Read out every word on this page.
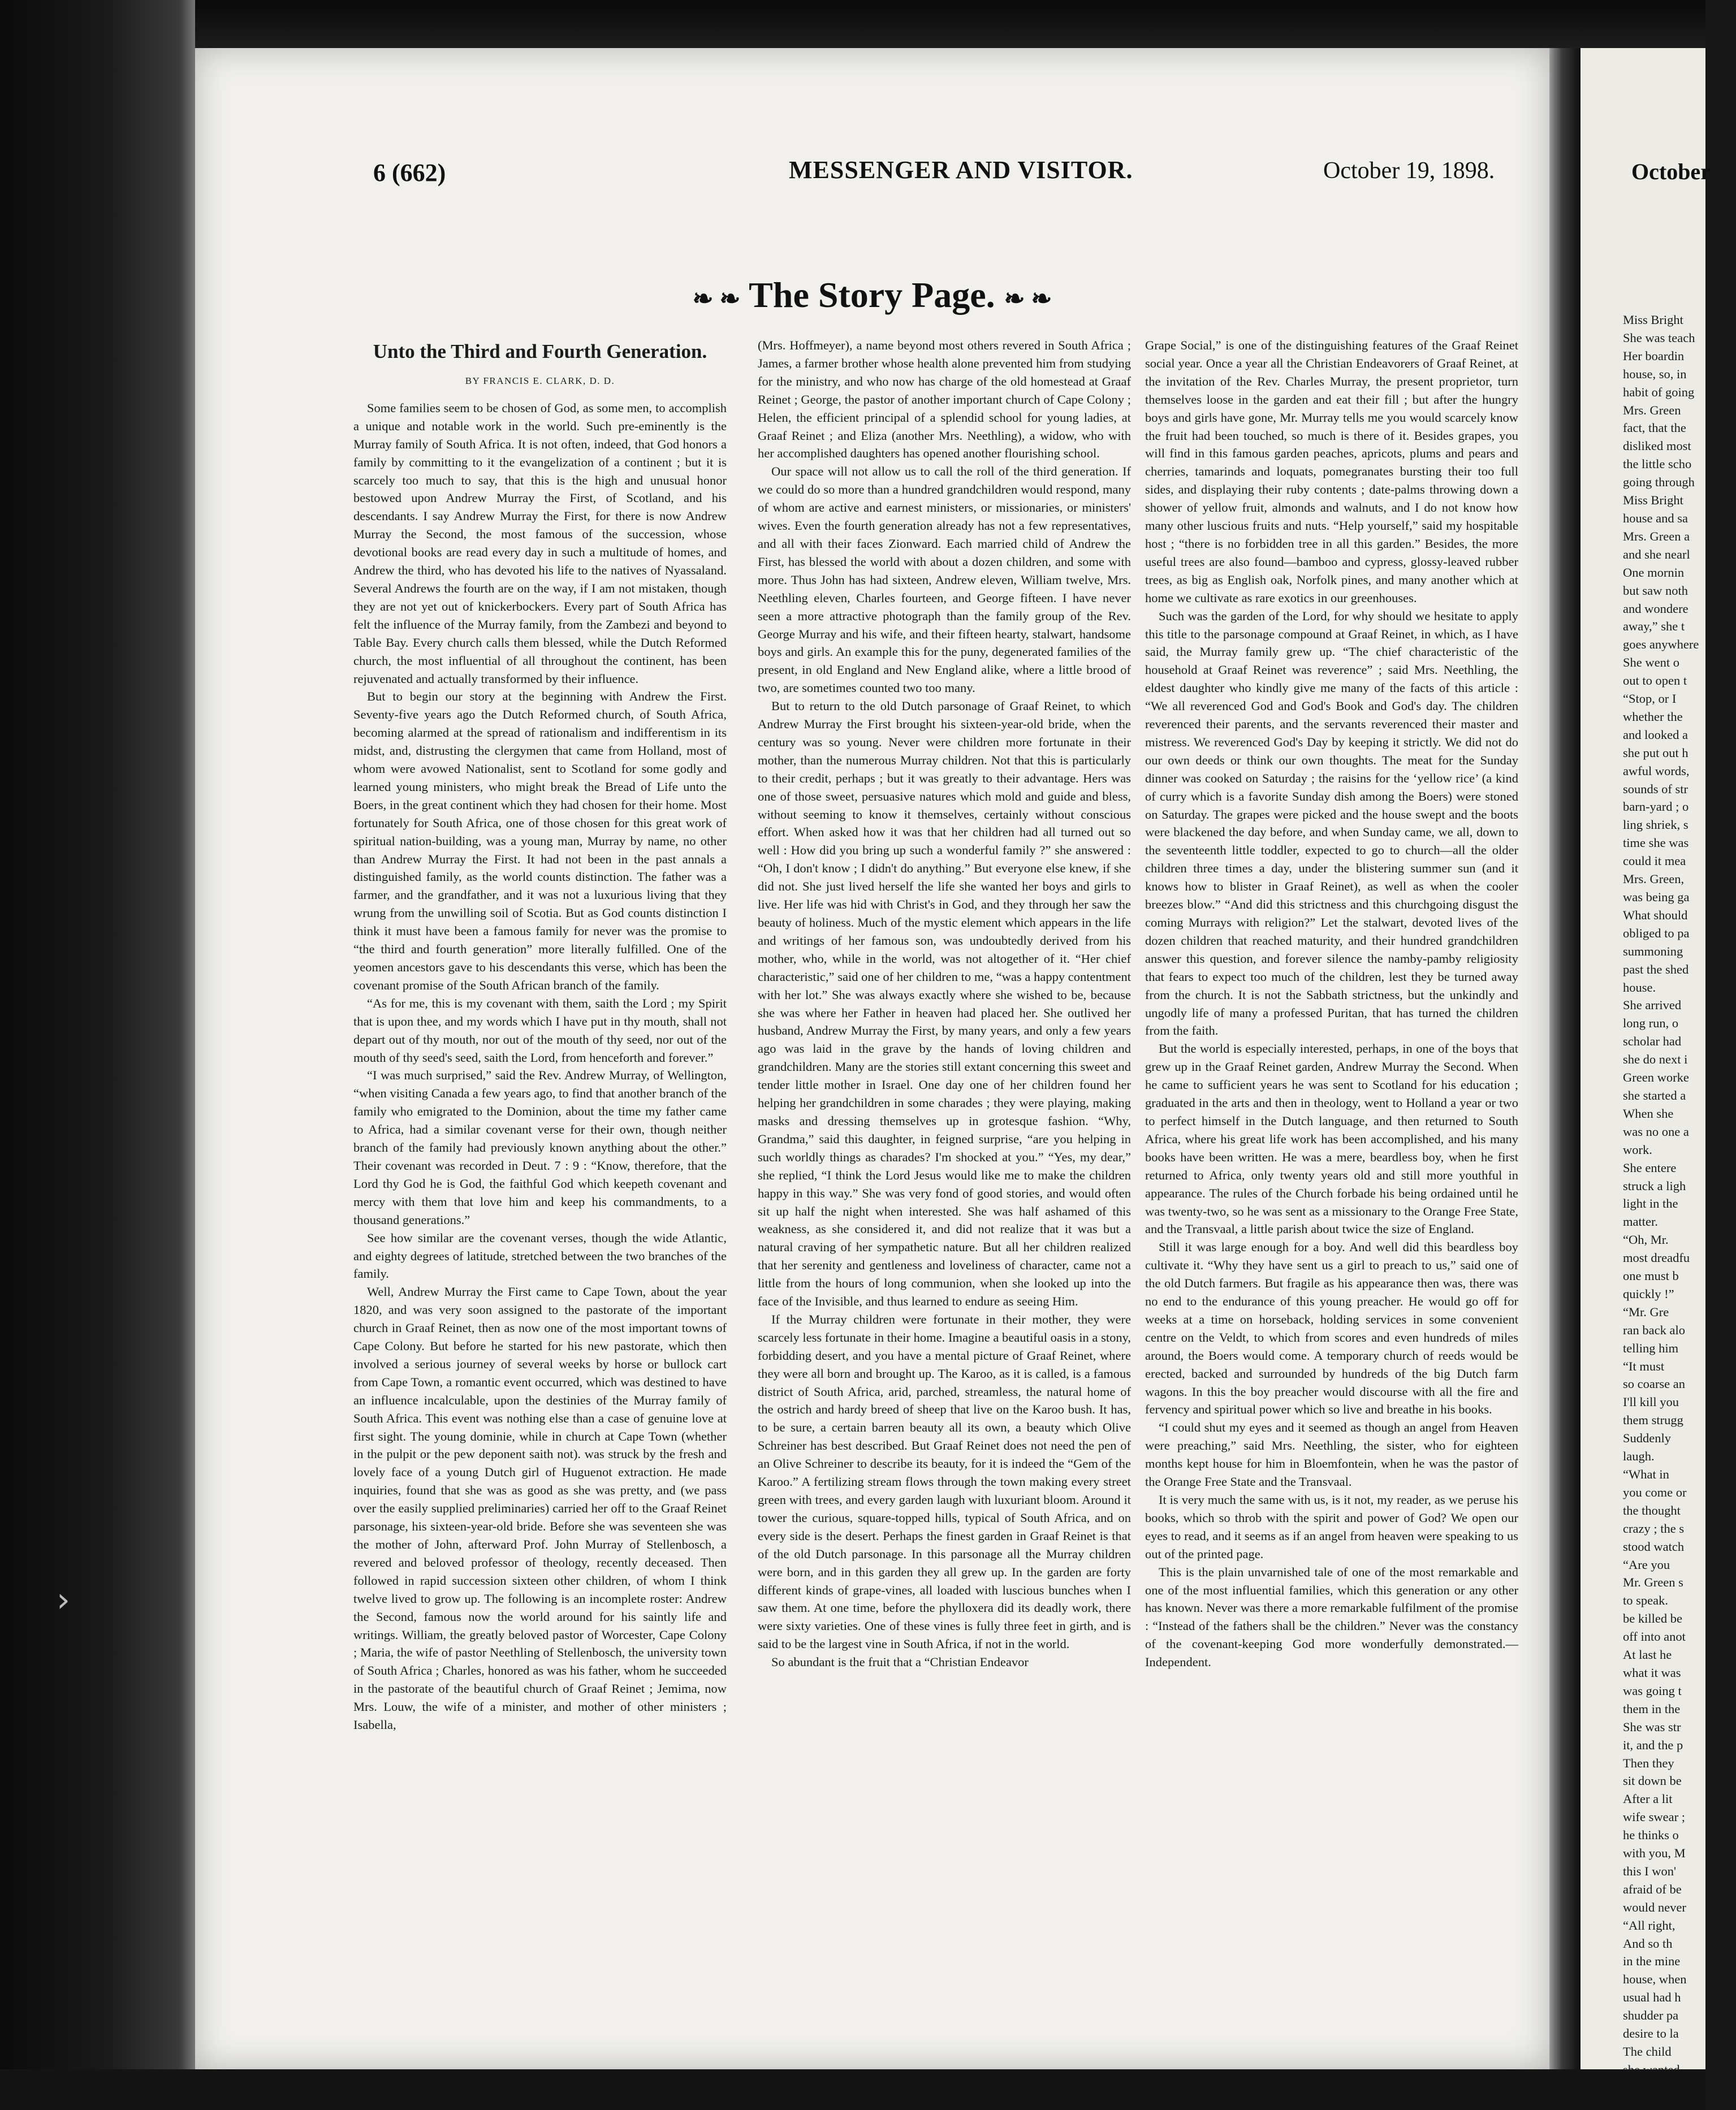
›
6 (662)	MESSENGER AND VISITOR.	October 19, 1898.
❧ ❧ The Story Page. ❧ ❧
Unto the Third and Fourth Generation.
BY FRANCIS E. CLARK, D. D.

Some families seem to be chosen of God, as some men, to accomplish a unique and notable work in the world. Such pre-eminently is the Murray family of South Africa. It is not often, indeed, that God honors a family by committing to it the evangelization of a continent ; but it is scarcely too much to say, that this is the high and unusual honor bestowed upon Andrew Murray the First, of Scotland, and his descendants. I say Andrew Murray the First, for there is now Andrew Murray the Second, the most famous of the succession, whose devotional books are read every day in such a multitude of homes, and Andrew the third, who has devoted his life to the natives of Nyassaland. Several Andrews the fourth are on the way, if I am not mistaken, though they are not yet out of knickerbockers. Every part of South Africa has felt the influence of the Murray family, from the Zambezi and beyond to Table Bay. Every church calls them blessed, while the Dutch Reformed church, the most influential of all throughout the continent, has been rejuvenated and actually transformed by their influence.

But to begin our story at the beginning with Andrew the First. Seventy-five years ago the Dutch Reformed church, of South Africa, becoming alarmed at the spread of rationalism and indifferentism in its midst, and, distrusting the clergymen that came from Holland, most of whom were avowed Nationalist, sent to Scotland for some godly and learned young ministers, who might break the Bread of Life unto the Boers, in the great continent which they had chosen for their home. Most fortunately for South Africa, one of those chosen for this great work of spiritual nation-building, was a young man, Murray by name, no other than Andrew Murray the First. It had not been in the past annals a distinguished family, as the world counts distinction. The father was a farmer, and the grandfather, and it was not a luxurious living that they wrung from the unwilling soil of Scotia. But as God counts distinction I think it must have been a famous family for never was the promise to “the third and fourth generation” more literally fulfilled. One of the yeomen ancestors gave to his descendants this verse, which has been the covenant promise of the South African branch of the family.

“As for me, this is my covenant with them, saith the Lord ; my Spirit that is upon thee, and my words which I have put in thy mouth, shall not depart out of thy mouth, nor out of the mouth of thy seed, nor out of the mouth of thy seed's seed, saith the Lord, from henceforth and forever.”

“I was much surprised,” said the Rev. Andrew Murray, of Wellington, “when visiting Canada a few years ago, to find that another branch of the family who emigrated to the Dominion, about the time my father came to Africa, had a similar covenant verse for their own, though neither branch of the family had previously known anything about the other.” Their covenant was recorded in Deut. 7 : 9 : “Know, therefore, that the Lord thy God he is God, the faithful God which keepeth covenant and mercy with them that love him and keep his commandments, to a thousand generations.”

See how similar are the covenant verses, though the wide Atlantic, and eighty degrees of latitude, stretched between the two branches of the family.

Well, Andrew Murray the First came to Cape Town, about the year 1820, and was very soon assigned to the pastorate of the important church in Graaf Reinet, then as now one of the most important towns of Cape Colony. But before he started for his new pastorate, which then involved a serious journey of several weeks by horse or bullock cart from Cape Town, a romantic event occurred, which was destined to have an influence incalculable, upon the destinies of the Murray family of South Africa. This event was nothing else than a case of genuine love at first sight. The young dominie, while in church at Cape Town (whether in the pulpit or the pew deponent saith not). was struck by the fresh and lovely face of a young Dutch girl of Huguenot extraction. He made inquiries, found that she was as good as she was pretty, and (we pass over the easily supplied preliminaries) carried her off to the Graaf Reinet parsonage, his sixteen-year-old bride. Before she was seventeen she was the mother of John, afterward Prof. John Murray of Stellenbosch, a revered and beloved professor of theology, recently deceased. Then followed in rapid succession sixteen other children, of whom I think twelve lived to grow up. The following is an incomplete roster: Andrew the Second, famous now the world around for his saintly life and writings. William, the greatly beloved pastor of Worcester, Cape Colony ; Maria, the wife of pastor Neethling of Stellenbosch, the university town of South Africa ; Charles, honored as was his father, whom he succeeded in the pastorate of the beautiful church of Graaf Reinet ; Jemima, now Mrs. Louw, the wife of a minister, and mother of other ministers ; Isabella,

(Mrs. Hoffmeyer), a name beyond most others revered in South Africa ; James, a farmer brother whose health alone prevented him from studying for the ministry, and who now has charge of the old homestead at Graaf Reinet ; George, the pastor of another important church of Cape Colony ; Helen, the efficient principal of a splendid school for young ladies, at Graaf Reinet ; and Eliza (another Mrs. Neethling), a widow, who with her accomplished daughters has opened another flourishing school.

Our space will not allow us to call the roll of the third generation. If we could do so more than a hundred grandchildren would respond, many of whom are active and earnest ministers, or missionaries, or ministers' wives. Even the fourth generation already has not a few representatives, and all with their faces Zionward. Each married child of Andrew the First, has blessed the world with about a dozen children, and some with more. Thus John has had sixteen, Andrew eleven, William twelve, Mrs. Neethling eleven, Charles fourteen, and George fifteen. I have never seen a more attractive photograph than the family group of the Rev. George Murray and his wife, and their fifteen hearty, stalwart, handsome boys and girls. An example this for the puny, degenerated families of the present, in old England and New England alike, where a little brood of two, are sometimes counted two too many.

But to return to the old Dutch parsonage of Graaf Reinet, to which Andrew Murray the First brought his sixteen-year-old bride, when the century was so young. Never were children more fortunate in their mother, than the numerous Murray children. Not that this is particularly to their credit, perhaps ; but it was greatly to their advantage. Hers was one of those sweet, persuasive natures which mold and guide and bless, without seeming to know it themselves, certainly without conscious effort. When asked how it was that her children had all turned out so well : How did you bring up such a wonderful family ?” she answered : “Oh, I don't know ; I didn't do anything.” But everyone else knew, if she did not. She just lived herself the life she wanted her boys and girls to live. Her life was hid with Christ's in God, and they through her saw the beauty of holiness. Much of the mystic element which appears in the life and writings of her famous son, was undoubtedly derived from his mother, who, while in the world, was not altogether of it. “Her chief characteristic,” said one of her children to me, “was a happy contentment with her lot.” She was always exactly where she wished to be, because she was where her Father in heaven had placed her. She outlived her husband, Andrew Murray the First, by many years, and only a few years ago was laid in the grave by the hands of loving children and grandchildren. Many are the stories still extant concerning this sweet and tender little mother in Israel. One day one of her children found her helping her grandchildren in some charades ; they were playing, making masks and dressing themselves up in grotesque fashion. “Why, Grandma,” said this daughter, in feigned surprise, “are you helping in such worldly things as charades? I'm shocked at you.” “Yes, my dear,” she replied, “I think the Lord Jesus would like me to make the children happy in this way.” She was very fond of good stories, and would often sit up half the night when interested. She was half ashamed of this weakness, as she considered it, and did not realize that it was but a natural craving of her sympathetic nature. But all her children realized that her serenity and gentleness and loveliness of character, came not a little from the hours of long communion, when she looked up into the face of the Invisible, and thus learned to endure as seeing Him.

If the Murray children were fortunate in their mother, they were scarcely less fortunate in their home. Imagine a beautiful oasis in a stony, forbidding desert, and you have a mental picture of Graaf Reinet, where they were all born and brought up. The Karoo, as it is called, is a famous district of South Africa, arid, parched, streamless, the natural home of the ostrich and hardy breed of sheep that live on the Karoo bush. It has, to be sure, a certain barren beauty all its own, a beauty which Olive Schreiner has best described. But Graaf Reinet does not need the pen of an Olive Schreiner to describe its beauty, for it is indeed the “Gem of the Karoo.” A fertilizing stream flows through the town making every street green with trees, and every garden laugh with luxuriant bloom. Around it tower the curious, square-topped hills, typical of South Africa, and on every side is the desert. Perhaps the finest garden in Graaf Reinet is that of the old Dutch parsonage. In this parsonage all the Murray children were born, and in this garden they all grew up. In the garden are forty different kinds of grape-vines, all loaded with luscious bunches when I saw them. At one time, before the phylloxera did its deadly work, there were sixty varieties. One of these vines is fully three feet in girth, and is said to be the largest vine in South Africa, if not in the world.

So abundant is the fruit that a “Christian Endeavor

Grape Social,” is one of the distinguishing features of the Graaf Reinet social year. Once a year all the Christian Endeavorers of Graaf Reinet, at the invitation of the Rev. Charles Murray, the present proprietor, turn themselves loose in the garden and eat their fill ; but after the hungry boys and girls have gone, Mr. Murray tells me you would scarcely know the fruit had been touched, so much is there of it. Besides grapes, you will find in this famous garden peaches, apricots, plums and pears and cherries, tamarinds and loquats, pomegranates bursting their too full sides, and displaying their ruby contents ; date-palms throwing down a shower of yellow fruit, almonds and walnuts, and I do not know how many other luscious fruits and nuts. “Help yourself,” said my hospitable host ; “there is no forbidden tree in all this garden.” Besides, the more useful trees are also found—bamboo and cypress, glossy-leaved rubber trees, as big as English oak, Norfolk pines, and many another which at home we cultivate as rare exotics in our greenhouses.

Such was the garden of the Lord, for why should we hesitate to apply this title to the parsonage compound at Graaf Reinet, in which, as I have said, the Murray family grew up. “The chief characteristic of the household at Graaf Reinet was reverence” ; said Mrs. Neethling, the eldest daughter who kindly give me many of the facts of this article : “We all reverenced God and God's Book and God's day. The children reverenced their parents, and the servants reverenced their master and mistress. We reverenced God's Day by keeping it strictly. We did not do our own deeds or think our own thoughts. The meat for the Sunday dinner was cooked on Saturday ; the raisins for the ‘yellow rice’ (a kind of curry which is a favorite Sunday dish among the Boers) were stoned on Saturday. The grapes were picked and the house swept and the boots were blackened the day before, and when Sunday came, we all, down to the seventeenth little toddler, expected to go to church—all the older children three times a day, under the blistering summer sun (and it knows how to blister in Graaf Reinet), as well as when the cooler breezes blow.” “And did this strictness and this churchgoing disgust the coming Murrays with religion?” Let the stalwart, devoted lives of the dozen children that reached maturity, and their hundred grandchildren answer this question, and forever silence the namby-pamby religiosity that fears to expect too much of the children, lest they be turned away from the church. It is not the Sabbath strictness, but the unkindly and ungodly life of many a professed Puritan, that has turned the children from the faith.

But the world is especially interested, perhaps, in one of the boys that grew up in the Graaf Reinet garden, Andrew Murray the Second. When he came to sufficient years he was sent to Scotland for his education ; graduated in the arts and then in theology, went to Holland a year or two to perfect himself in the Dutch language, and then returned to South Africa, where his great life work has been accomplished, and his many books have been written. He was a mere, beardless boy, when he first returned to Africa, only twenty years old and still more youthful in appearance. The rules of the Church forbade his being ordained until he was twenty-two, so he was sent as a missionary to the Orange Free State, and the Transvaal, a little parish about twice the size of England.

Still it was large enough for a boy. And well did this beardless boy cultivate it. “Why they have sent us a girl to preach to us,” said one of the old Dutch farmers. But fragile as his appearance then was, there was no end to the endurance of this young preacher. He would go off for weeks at a time on horseback, holding services in some convenient centre on the Veldt, to which from scores and even hundreds of miles around, the Boers would come. A temporary church of reeds would be erected, backed and surrounded by hundreds of the big Dutch farm wagons. In this the boy preacher would discourse with all the fire and fervency and spiritual power which so live and breathe in his books.

“I could shut my eyes and it seemed as though an angel from Heaven were preaching,” said Mrs. Neethling, the sister, who for eighteen months kept house for him in Bloemfontein, when he was the pastor of the Orange Free State and the Transvaal.

It is very much the same with us, is it not, my reader, as we peruse his books, which so throb with the spirit and power of God? We open our eyes to read, and it seems as if an angel from heaven were speaking to us out of the printed page.

This is the plain unvarnished tale of one of the most remarkable and one of the most influential families, which this generation or any other has known. Never was there a more remarkable fulfilment of the promise : “Instead of the fathers shall be the children.” Never was the constancy of the covenant-keeping God more wonderfully demonstrated.—Independent.

October

Miss Bright

She was teach

Her boardin

house, so, in

habit of going

Mrs. Green

fact, that the

disliked most

the little scho

going through

Miss Bright

house and sa

Mrs. Green a

and she nearl

One mornin

but saw noth

and wondere

away,” she t

goes anywhere

She went o

out to open t

“Stop, or I

whether the

and looked a

she put out h

awful words,

sounds of str

barn-yard ; o

ling shriek, s

time she was

could it mea

Mrs. Green,

was being ga

What should

obliged to pa

summoning

past the shed

house.

She arrived

long run, o

scholar had

she do next i

Green worke

she started a

When she

was no one a

work.

She entere

struck a ligh

light in the

matter.

“Oh, Mr.

most dreadfu

one must b

quickly !”

“Mr. Gre

ran back alo

telling him

“It must

so coarse an

I'll kill you

them strugg

Suddenly

laugh.

“What in

you come or

the thought

crazy ; the s

stood watch

“Are you

Mr. Green s

to speak.

be killed be

off into anot

At last he

what it was

was going t

them in the

She was str

it, and the p

Then they

sit down be

After a lit

wife swear ;

he thinks o

with you, M

this I won'

afraid of be

would never

“All right,

And so th

in the mine

house, when

usual had h

shudder pa

desire to la

The child
